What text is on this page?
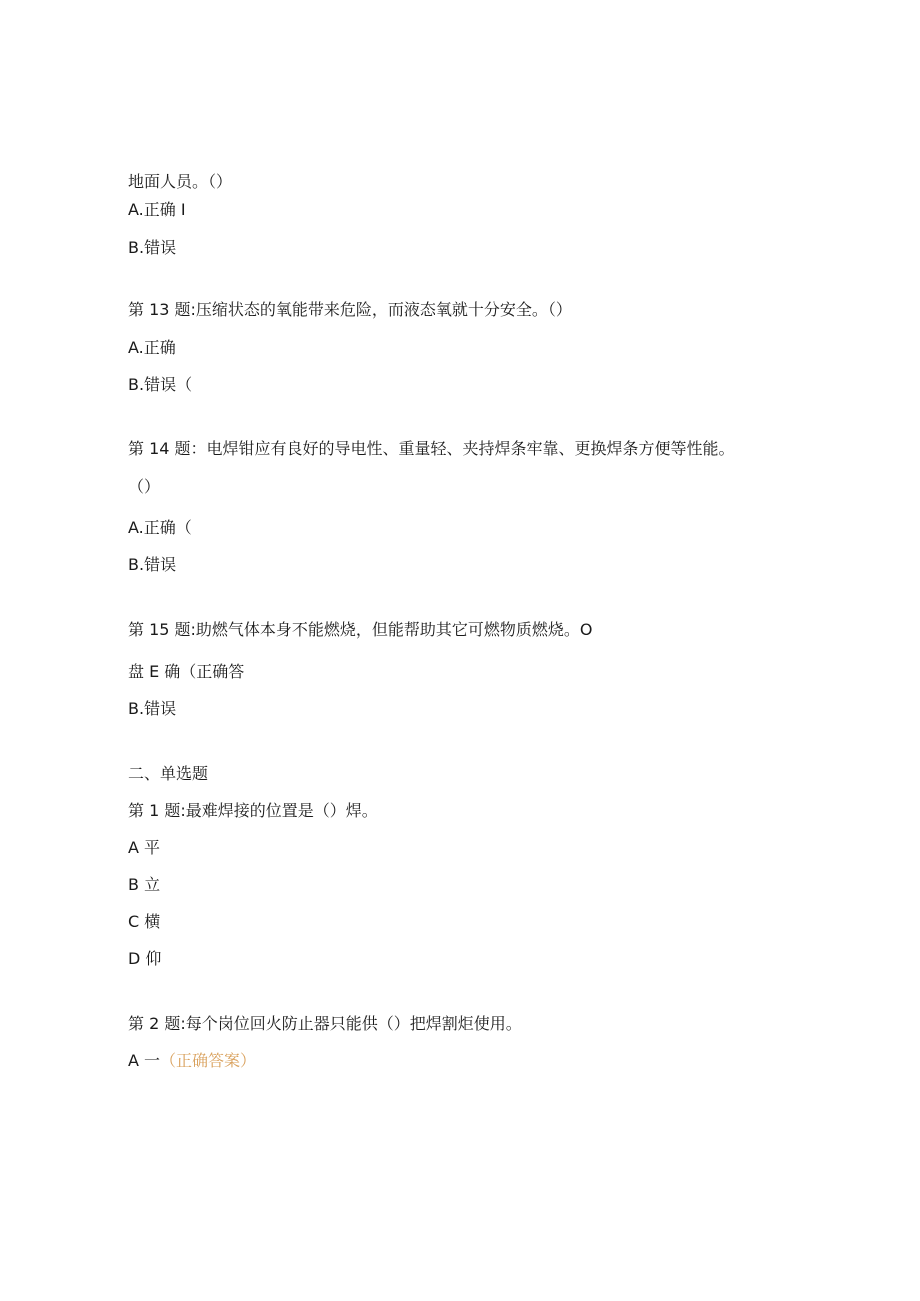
地面人员。（）
A.正确 I
B.错误
第 13 题:压缩状态的氧能带来危险，而液态氧就十分安全。（）
A.正确
B.错误（
第 14 题：电焊钳应有良好的导电性、重量轻、夹持焊条牢靠、更换焊条方便等性能。
（）
A.正确（
B.错误
第 15 题:助燃气体本身不能燃烧，但能帮助其它可燃物质燃烧。O
盘 E 确（正确答
B.错误
二、单选题
第 1 题:最难焊接的位置是（）焊。
A 平
B 立
C 横
D 仰
第 2 题:每个岗位回火防止器只能供（）把焊割炬使用。
A 一（正确答案）
